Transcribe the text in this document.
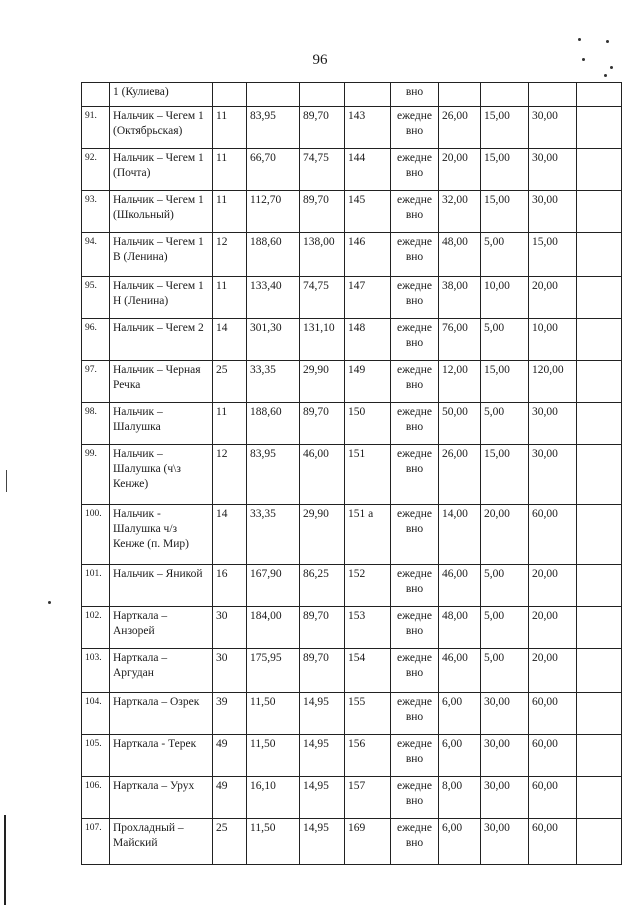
96
	1 (Кулиева)					вно				
91.	Нальчик – Чегем 1 (Октябрьская)	11	83,95	89,70	143	ежедне вно	26,00	15,00	30,00	
92.	Нальчик – Чегем 1 (Почта)	11	66,70	74,75	144	ежедне вно	20,00	15,00	30,00	
93.	Нальчик – Чегем 1 (Школьный)	11	112,70	89,70	145	ежедне вно	32,00	15,00	30,00	
94.	Нальчик – Чегем 1 В (Ленина)	12	188,60	138,00	146	ежедне вно	48,00	5,00	15,00	
95.	Нальчик – Чегем 1 Н (Ленина)	11	133,40	74,75	147	ежедне вно	38,00	10,00	20,00	
96.	Нальчик – Чегем 2	14	301,30	131,10	148	ежедне вно	76,00	5,00	10,00	
97.	Нальчик – Черная Речка	25	33,35	29,90	149	ежедне вно	12,00	15,00	120,00	
98.	Нальчик – Шалушка	11	188,60	89,70	150	ежедне вно	50,00	5,00	30,00	
99.	Нальчик – Шалушка (ч\з Кенже)	12	83,95	46,00	151	ежедне вно	26,00	15,00	30,00	
100.	Нальчик - Шалушка ч/з Кенже (п. Мир)	14	33,35	29,90	151 а	ежедне вно	14,00	20,00	60,00	
101.	Нальчик – Яникой	16	167,90	86,25	152	ежедне вно	46,00	5,00	20,00	
102.	Нарткала – Анзорей	30	184,00	89,70	153	ежедне вно	48,00	5,00	20,00	
103.	Нарткала – Аргудан	30	175,95	89,70	154	ежедне вно	46,00	5,00	20,00	
104.	Нарткала – Озрек	39	11,50	14,95	155	ежедне вно	6,00	30,00	60,00	
105.	Нарткала - Терек	49	11,50	14,95	156	ежедне вно	6,00	30,00	60,00	
106.	Нарткала – Урух	49	16,10	14,95	157	ежедне вно	8,00	30,00	60,00	
107.	Прохладный – Майский	25	11,50	14,95	169	ежедне вно	6,00	30,00	60,00	
